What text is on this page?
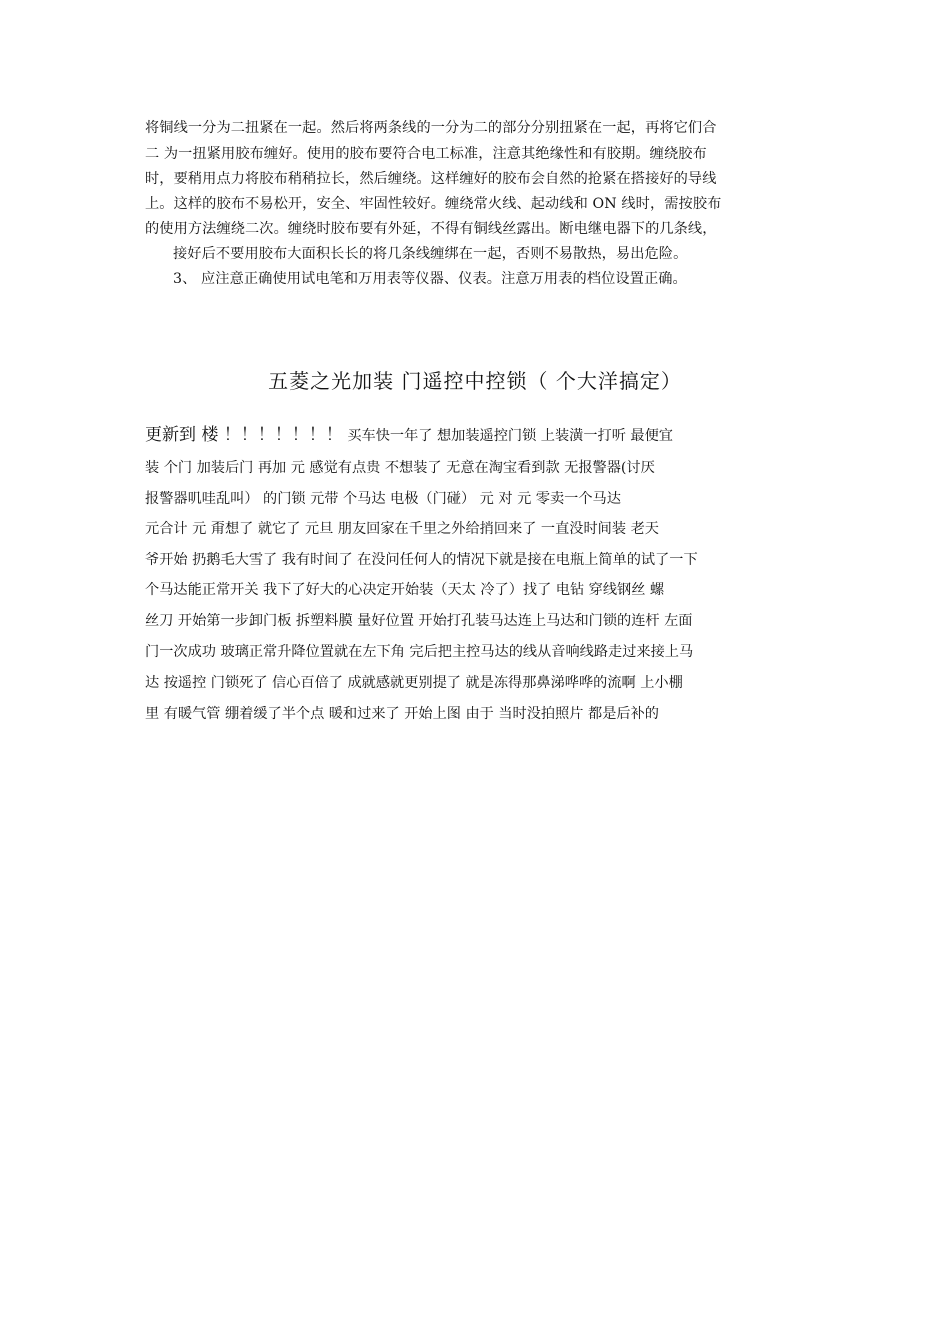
将铜线一分为二扭紧在一起。然后将两条线的一分为二的部分分别扭紧在一起，再将它们合
二 为一扭紧用胶布缠好。使用的胶布要符合电工标准，注意其绝缘性和有胶期。缠绕胶布
时，要稍用点力将胶布稍稍拉长，然后缠绕。这样缠好的胶布会自然的抢紧在搭接好的导线
上。这样的胶布不易松开，安全、牢固性较好。缠绕常火线、起动线和 ON 线时，需按胶布
的使用方法缠绕二次。缠绕时胶布要有外延，不得有铜线丝露出。断电继电器下的几条线，
接好后不要用胶布大面积长长的将几条线缠绑在一起，否则不易散热，易出危险。
3、 应注意正确使用试电笔和万用表等仪器、仪表。注意万用表的档位设置正确。
五菱之光加装 门遥控中控锁（ 个大洋搞定）
更新到 楼 ！！！！！！！ 买车快一年了 想加装遥控门锁 上装潢一打听 最便宜
装 个门 加装后门 再加 元 感觉有点贵 不想装了 无意在淘宝看到款 无报警器(讨厌
报警器叽哇乱叫） 的门锁 元带 个马达 电极（门碰） 元 对 元 零卖一个马达
元合计 元 甭想了 就它了 元旦 朋友回家在千里之外给捎回来了 一直没时间装 老天
爷开始 扔鹅毛大雪了 我有时间了 在没问任何人的情况下就是接在电瓶上简单的试了一下
个马达能正常开关 我下了好大的心决定开始装（天太 冷了）找了 电钻 穿线钢丝 螺
丝刀 开始第一步卸门板 拆塑料膜 量好位置 开始打孔装马达连上马达和门锁的连杆 左面
门一次成功 玻璃正常升降位置就在左下角 完后把主控马达的线从音响线路走过来接上马
达 按遥控 门锁死了 信心百倍了 成就感就更别提了 就是冻得那鼻涕哗哗的流啊 上小棚
里 有暖气管 绷着缓了半个点 暖和过来了 开始上图 由于 当时没拍照片 都是后补的
